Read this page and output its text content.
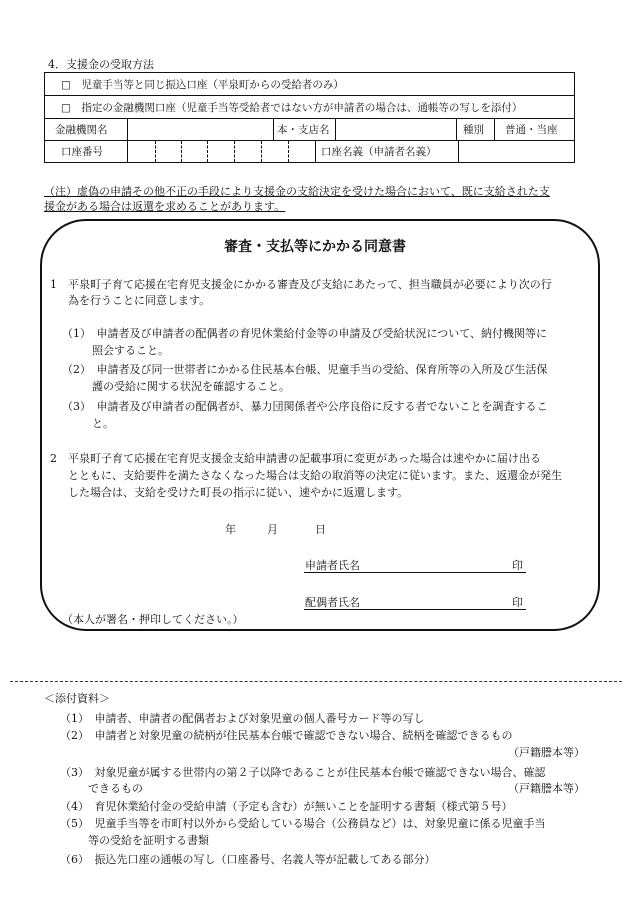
4．支援金の受取方法
□　児童手当等と同じ振込口座（平泉町からの受給者のみ）
□　指定の金融機関口座（児童手当等受給者ではない方が申請者の場合は、通帳等の写しを添付）
金融機関名	本・支店名	種別 普通・当座
口座番号	口座名義（申請者名義）
（注）虚偽の申請その他不正の手段により支援金の支給決定を受けた場合において、既に支給された支
援金がある場合は返還を求めることがあります。
審査・支払等にかかる同意書
1　平泉町子育て応援在宅育児支援金にかかる審査及び支給にあたって、担当職員が必要により次の行
為を行うことに同意します。
（1）　申請者及び申請者の配偶者の育児休業給付金等の申請及び受給状況について、納付機関等に
照会すること。
（2）　申請者及び同一世帯者にかかる住民基本台帳、児童手当の受給、保育所等の入所及び生活保
護の受給に関する状況を確認すること。
（3）　申請者及び申請者の配偶者が、暴力団関係者や公序良俗に反する者でないことを調査するこ
と。
2　平泉町子育て応援在宅育児支援金支給申請書の記載事項に変更があった場合は速やかに届け出る
とともに、支給要件を満たさなくなった場合は支給の取消等の決定に従います。また、返還金が発生
した場合は、支給を受けた町長の指示に従い、速やかに返還します。
年	月	日
申請者氏名	印
配偶者氏名	印
（本人が署名・押印してください。）
＜添付資料＞
（1）　申請者、申請者の配偶者および対象児童の個人番号カード等の写し
（2）　申請者と対象児童の続柄が住民基本台帳で確認できない場合、続柄を確認できるもの
（戸籍謄本等）
（3）　対象児童が属する世帯内の第２子以降であることが住民基本台帳で確認できない場合、確認
できるもの	（戸籍謄本等）
（4）　育児休業給付金の受給申請（予定も含む）が無いことを証明する書類（様式第５号）
（5）　児童手当等を市町村以外から受給している場合（公務員など）は、対象児童に係る児童手当
等の受給を証明する書類
（6）　振込先口座の通帳の写し（口座番号、名義人等が記載してある部分）
